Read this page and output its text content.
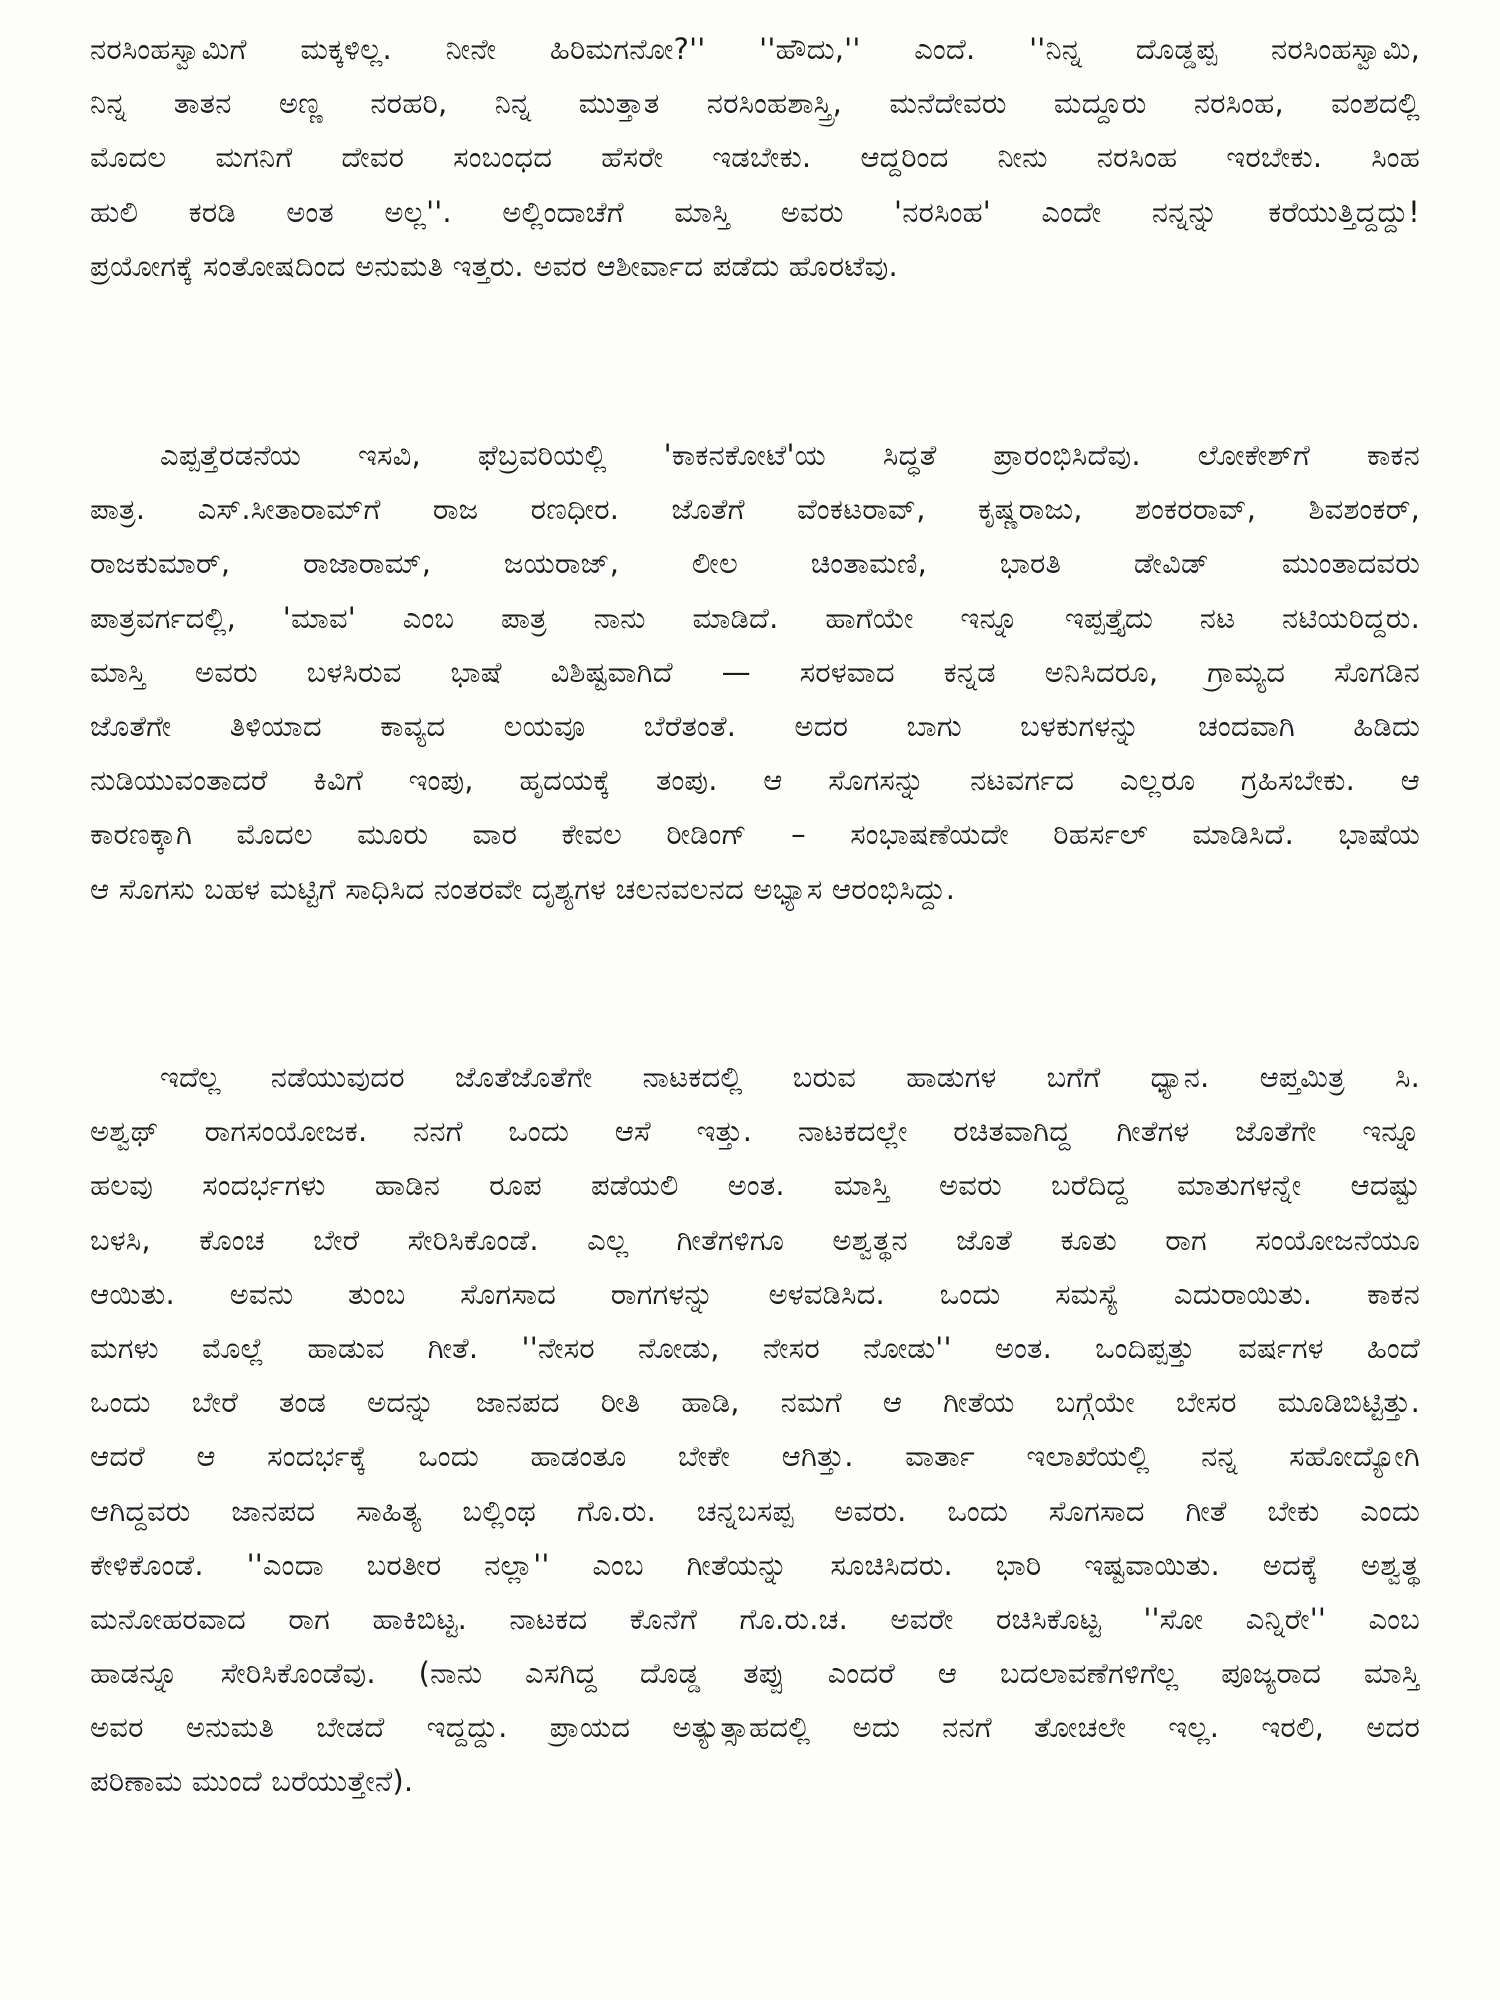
ನರಸಿಂಹಸ್ವಾಮಿಗೆ ಮಕ್ಕಳಿಲ್ಲ. ನೀನೇ ಹಿರಿಮಗನೋ?'' ''ಹೌದು,'' ಎಂದೆ. ''ನಿನ್ನ ದೊಡ್ಡಪ್ಪ ನರಸಿಂಹಸ್ವಾಮಿ,
ನಿನ್ನ ತಾತನ ಅಣ್ಣ ನರಹರಿ, ನಿನ್ನ ಮುತ್ತಾತ ನರಸಿಂಹಶಾಸ್ತ್ರಿ, ಮನೆದೇವರು ಮದ್ದೂರು ನರಸಿಂಹ, ವಂಶದಲ್ಲಿ
ಮೊದಲ ಮಗನಿಗೆ ದೇವರ ಸಂಬಂಧದ ಹೆಸರೇ ಇಡಬೇಕು. ಆದ್ದರಿಂದ ನೀನು ನರಸಿಂಹ ಇರಬೇಕು. ಸಿಂಹ
ಹುಲಿ ಕರಡಿ ಅಂತ ಅಲ್ಲ''. ಅಲ್ಲಿಂದಾಚೆಗೆ ಮಾಸ್ತಿ ಅವರು 'ನರಸಿಂಹ' ಎಂದೇ ನನ್ನನ್ನು ಕರೆಯುತ್ತಿದ್ದದ್ದು!
ಪ್ರಯೋಗಕ್ಕೆ ಸಂತೋಷದಿಂದ ಅನುಮತಿ ಇತ್ತರು. ಅವರ ಆಶೀರ್ವಾದ ಪಡೆದು ಹೊರಟೆವು.

ಎಪ್ಪತ್ತೆರಡನೆಯ ಇಸವಿ, ಫೆಬ್ರವರಿಯಲ್ಲಿ 'ಕಾಕನಕೋಟೆ'ಯ ಸಿದ್ಧತೆ ಪ್ರಾರಂಭಿಸಿದೆವು. ಲೋಕೇಶ್‌ಗೆ ಕಾಕನ
ಪಾತ್ರ. ಎಸ್.ಸೀತಾರಾಮ್‌ಗೆ ರಾಜ ರಣಧೀರ. ಜೊತೆಗೆ ವೆಂಕಟರಾವ್, ಕೃಷ್ಣರಾಜು, ಶಂಕರರಾವ್, ಶಿವಶಂಕರ್,
ರಾಜಕುಮಾರ್, ರಾಜಾರಾಮ್, ಜಯರಾಜ್, ಲೀಲ ಚಿಂತಾಮಣಿ, ಭಾರತಿ ಡೇವಿಡ್ ಮುಂತಾದವರು
ಪಾತ್ರವರ್ಗದಲ್ಲಿ, 'ಮಾವ' ಎಂಬ ಪಾತ್ರ ನಾನು ಮಾಡಿದೆ. ಹಾಗೆಯೇ ಇನ್ನೂ ಇಪ್ಪತ್ತೈದು ನಟ ನಟಿಯರಿದ್ದರು.
ಮಾಸ್ತಿ ಅವರು ಬಳಸಿರುವ ಭಾಷೆ ವಿಶಿಷ್ಟವಾಗಿದೆ — ಸರಳವಾದ ಕನ್ನಡ ಅನಿಸಿದರೂ, ಗ್ರಾಮ್ಯದ ಸೊಗಡಿನ
ಜೊತೆಗೇ ತಿಳಿಯಾದ ಕಾವ್ಯದ ಲಯವೂ ಬೆರೆತಂತೆ. ಅದರ ಬಾಗು ಬಳಕುಗಳನ್ನು ಚಂದವಾಗಿ ಹಿಡಿದು
ನುಡಿಯುವಂತಾದರೆ ಕಿವಿಗೆ ಇಂಪು, ಹೃದಯಕ್ಕೆ ತಂಪು. ಆ ಸೊಗಸನ್ನು ನಟವರ್ಗದ ಎಲ್ಲರೂ ಗ್ರಹಿಸಬೇಕು. ಆ
ಕಾರಣಕ್ಕಾಗಿ ಮೊದಲ ಮೂರು ವಾರ ಕೇವಲ ರೀಡಿಂಗ್ – ಸಂಭಾಷಣೆಯದೇ ರಿಹರ್ಸಲ್ ಮಾಡಿಸಿದೆ. ಭಾಷೆಯ
ಆ ಸೊಗಸು ಬಹಳ ಮಟ್ಟಿಗೆ ಸಾಧಿಸಿದ ನಂತರವೇ ದೃಶ್ಯಗಳ ಚಲನವಲನದ ಅಭ್ಯಾಸ ಆರಂಭಿಸಿದ್ದು.

ಇದೆಲ್ಲ ನಡೆಯುವುದರ ಜೊತೆಜೊತೆಗೇ ನಾಟಕದಲ್ಲಿ ಬರುವ ಹಾಡುಗಳ ಬಗೆಗೆ ಧ್ಯಾನ. ಆಪ್ತಮಿತ್ರ ಸಿ.
ಅಶ್ವಥ್ ರಾಗಸಂಯೋಜಕ. ನನಗೆ ಒಂದು ಆಸೆ ಇತ್ತು. ನಾಟಕದಲ್ಲೇ ರಚಿತವಾಗಿದ್ದ ಗೀತೆಗಳ ಜೊತೆಗೇ ಇನ್ನೂ
ಹಲವು ಸಂದರ್ಭಗಳು ಹಾಡಿನ ರೂಪ ಪಡೆಯಲಿ ಅಂತ. ಮಾಸ್ತಿ ಅವರು ಬರೆದಿದ್ದ ಮಾತುಗಳನ್ನೇ ಆದಷ್ಟು
ಬಳಸಿ, ಕೊಂಚ ಬೇರೆ ಸೇರಿಸಿಕೊಂಡೆ. ಎಲ್ಲ ಗೀತೆಗಳಿಗೂ ಅಶ್ವತ್ಥನ ಜೊತೆ ಕೂತು ರಾಗ ಸಂಯೋಜನೆಯೂ
ಆಯಿತು. ಅವನು ತುಂಬ ಸೊಗಸಾದ ರಾಗಗಳನ್ನು ಅಳವಡಿಸಿದ. ಒಂದು ಸಮಸ್ಯೆ ಎದುರಾಯಿತು. ಕಾಕನ
ಮಗಳು ಮೊಲ್ಲೆ ಹಾಡುವ ಗೀತೆ. ''ನೇಸರ ನೋಡು, ನೇಸರ ನೋಡು'' ಅಂತ. ಒಂದಿಪ್ಪತ್ತು ವರ್ಷಗಳ ಹಿಂದೆ
ಒಂದು ಬೇರೆ ತಂಡ ಅದನ್ನು ಜಾನಪದ ರೀತಿ ಹಾಡಿ, ನಮಗೆ ಆ ಗೀತೆಯ ಬಗ್ಗೆಯೇ ಬೇಸರ ಮೂಡಿಬಿಟ್ಟಿತ್ತು.
ಆದರೆ ಆ ಸಂದರ್ಭಕ್ಕೆ ಒಂದು ಹಾಡಂತೂ ಬೇಕೇ ಆಗಿತ್ತು. ವಾರ್ತಾ ಇಲಾಖೆಯಲ್ಲಿ ನನ್ನ ಸಹೋದ್ಯೋಗಿ
ಆಗಿದ್ದವರು ಜಾನಪದ ಸಾಹಿತ್ಯ ಬಲ್ಲಿಂಥ ಗೊ.ರು. ಚನ್ನಬಸಪ್ಪ ಅವರು. ಒಂದು ಸೊಗಸಾದ ಗೀತೆ ಬೇಕು ಎಂದು
ಕೇಳಿಕೊಂಡೆ. ''ಎಂದಾ ಬರತೀರ ನಲ್ಲಾ'' ಎಂಬ ಗೀತೆಯನ್ನು ಸೂಚಿಸಿದರು. ಭಾರಿ ಇಷ್ಟವಾಯಿತು. ಅದಕ್ಕೆ ಅಶ್ವತ್ಥ
ಮನೋಹರವಾದ ರಾಗ ಹಾಕಿಬಿಟ್ಟ. ನಾಟಕದ ಕೊನೆಗೆ ಗೊ.ರು.ಚ. ಅವರೇ ರಚಿಸಿಕೊಟ್ಟ ''ಸೋ ಎನ್ನಿರೇ'' ಎಂಬ
ಹಾಡನ್ನೂ ಸೇರಿಸಿಕೊಂಡೆವು. (ನಾನು ಎಸಗಿದ್ದ ದೊಡ್ಡ ತಪ್ಪು ಎಂದರೆ ಆ ಬದಲಾವಣೆಗಳಿಗೆಲ್ಲ ಪೂಜ್ಯರಾದ ಮಾಸ್ತಿ
ಅವರ ಅನುಮತಿ ಬೇಡದೆ ಇದ್ದದ್ದು. ಪ್ರಾಯದ ಅತ್ಯುತ್ಸಾಹದಲ್ಲಿ ಅದು ನನಗೆ ತೋಚಲೇ ಇಲ್ಲ. ಇರಲಿ, ಅದರ
ಪರಿಣಾಮ ಮುಂದೆ ಬರೆಯುತ್ತೇನೆ).
